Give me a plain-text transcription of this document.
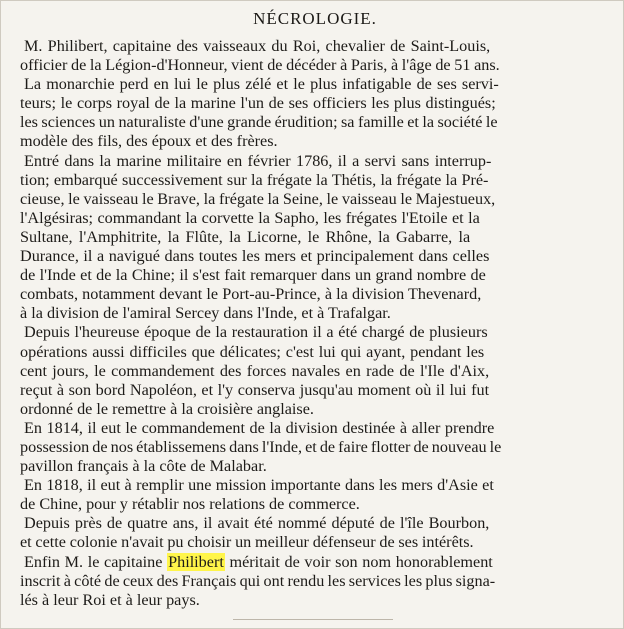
NÉCROLOGIE.
M. Philibert, capitaine des vaisseaux du Roi, chevalier de Saint-Louis,
officier de la Légion-d'Honneur, vient de décéder à Paris, à l'âge de 51 ans.
La monarchie perd en lui le plus zélé et le plus infatigable de ses servi-
teurs; le corps royal de la marine l'un de ses officiers les plus distingués;
les sciences un naturaliste d'une grande érudition; sa famille et la société le
modèle des fils, des époux et des frères.
Entré dans la marine militaire en février 1786, il a servi sans interrup-
tion; embarqué successivement sur la frégate la Thétis, la frégate la Pré-
cieuse, le vaisseau le Brave, la frégate la Seine, le vaisseau le Majestueux,
l'Algésiras; commandant la corvette la Sapho, les frégates l'Etoile et la
Sultane, l'Amphitrite, la Flûte, la Licorne, le Rhône, la Gabarre, la
Durance, il a navigué dans toutes les mers et principalement dans celles
de l'Inde et de la Chine; il s'est fait remarquer dans un grand nombre de
combats, notamment devant le Port-au-Prince, à la division Thevenard,
à la division de l'amiral Sercey dans l'Inde, et à Trafalgar.
Depuis l'heureuse époque de la restauration il a été chargé de plusieurs
opérations aussi difficiles que délicates; c'est lui qui ayant, pendant les
cent jours, le commandement des forces navales en rade de l'Ile d'Aix,
reçut à son bord Napoléon, et l'y conserva jusqu'au moment où il lui fut
ordonné de le remettre à la croisière anglaise.
En 1814, il eut le commandement de la division destinée à aller prendre
possession de nos établissemens dans l'Inde, et de faire flotter de nouveau le
pavillon français à la côte de Malabar.
En 1818, il eut à remplir une mission importante dans les mers d'Asie et
de Chine, pour y rétablir nos relations de commerce.
Depuis près de quatre ans, il avait été nommé député de l'île Bourbon,
et cette colonie n'avait pu choisir un meilleur défenseur de ses intérêts.
Enfin M. le capitaine Philibert méritait de voir son nom honorablement
inscrit à côté de ceux des Français qui ont rendu les services les plus signa-
lés à leur Roi et à leur pays.
